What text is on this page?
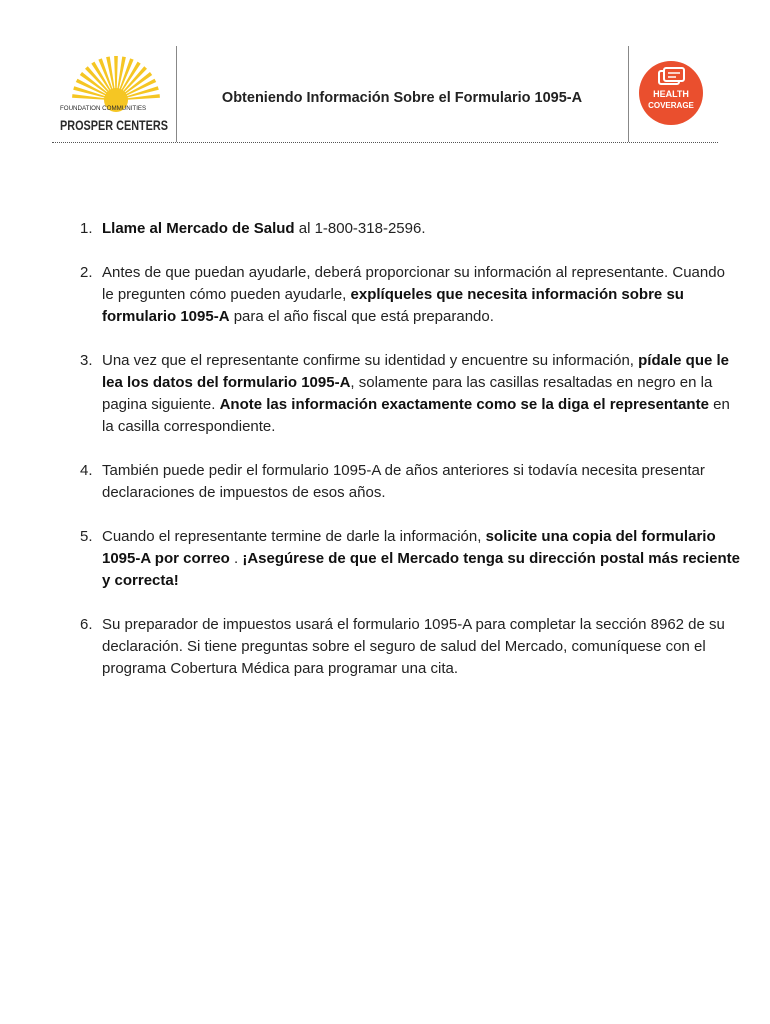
FOUNDATION COMMUNITIES
PROSPER CENTERS
Obteniendo Información Sobre el Formulario 1095-A	HEALTH
COVERAGE
1. Llame al Mercado de Salud al 1-800-318-2596.
2. Antes de que puedan ayudarle, deberá proporcionar su información al representante. Cuando le pregunten cómo pueden ayudarle, explíqueles que necesita información sobre su formulario 1095-A para el año fiscal que está preparando.
3. Una vez que el representante confirme su identidad y encuentre su información, pídale que le lea los datos del formulario 1095-A, solamente para las casillas resaltadas en negro en la pagina siguiente. Anote las información exactamente como se la diga el representante en la casilla correspondiente.
4. También puede pedir el formulario 1095-A de años anteriores si todavía necesita presentar declaraciones de impuestos de esos años.
5. Cuando el representante termine de darle la información, solicite una copia del formulario 1095-A por correo . ¡Asegúrese de que el Mercado tenga su dirección postal más reciente y correcta!
6. Su preparador de impuestos usará el formulario 1095-A para completar la sección 8962 de su declaración. Si tiene preguntas sobre el seguro de salud del Mercado, comuníquese con el programa Cobertura Médica para programar una cita.
